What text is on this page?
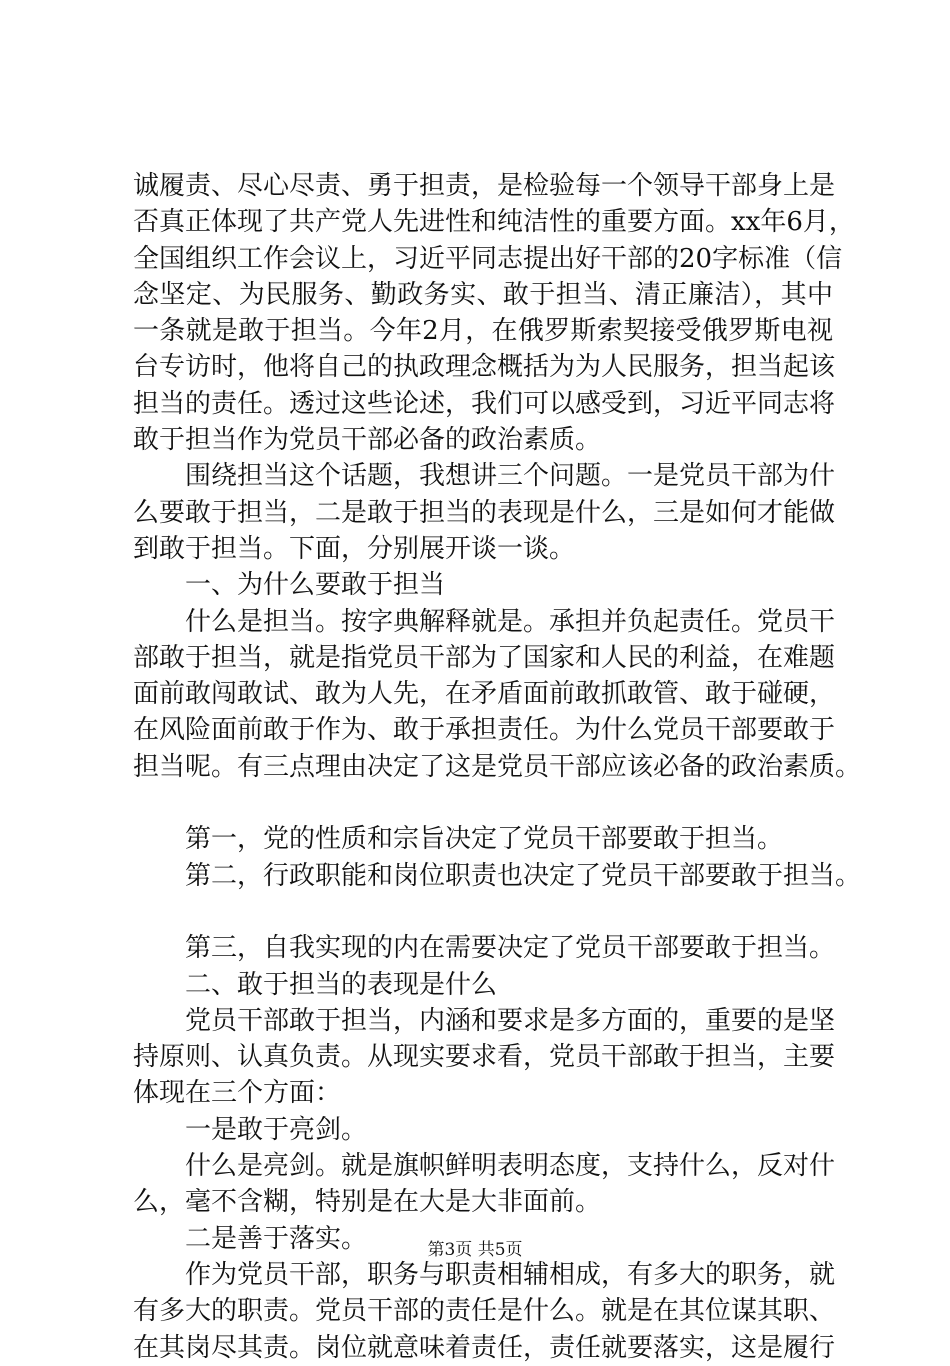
诚履责、尽心尽责、勇于担责，是检验每一个领导干部身上是
否真正体现了共产党人先进性和纯洁性的重要方面。xx年6月，
全国组织工作会议上，习近平同志提出好干部的20字标准（信
念坚定、为民服务、勤政务实、敢于担当、清正廉洁），其中
一条就是敢于担当。今年2月，在俄罗斯索契接受俄罗斯电视
台专访时，他将自己的执政理念概括为为人民服务，担当起该
担当的责任。透过这些论述，我们可以感受到，习近平同志将
敢于担当作为党员干部必备的政治素质。
围绕担当这个话题，我想讲三个问题。一是党员干部为什
么要敢于担当，二是敢于担当的表现是什么，三是如何才能做
到敢于担当。下面，分别展开谈一谈。
一、为什么要敢于担当
什么是担当。按字典解释就是。承担并负起责任。党员干
部敢于担当，就是指党员干部为了国家和人民的利益，在难题
面前敢闯敢试、敢为人先，在矛盾面前敢抓敢管、敢于碰硬，
在风险面前敢于作为、敢于承担责任。为什么党员干部要敢于
担当呢。有三点理由决定了这是党员干部应该必备的政治素质。
第一，党的性质和宗旨决定了党员干部要敢于担当。
第二，行政职能和岗位职责也决定了党员干部要敢于担当。
第三，自我实现的内在需要决定了党员干部要敢于担当。
二、敢于担当的表现是什么
党员干部敢于担当，内涵和要求是多方面的，重要的是坚
持原则、认真负责。从现实要求看，党员干部敢于担当，主要
体现在三个方面：
一是敢于亮剑。
什么是亮剑。就是旗帜鲜明表明态度，支持什么，反对什
么，毫不含糊，特别是在大是大非面前。
二是善于落实。
作为党员干部，职务与职责相辅相成，有多大的职务，就
有多大的职责。党员干部的责任是什么。就是在其位谋其职、
在其岗尽其责。岗位就意味着责任，责任就要落实，这是履行
第3页 共5页
